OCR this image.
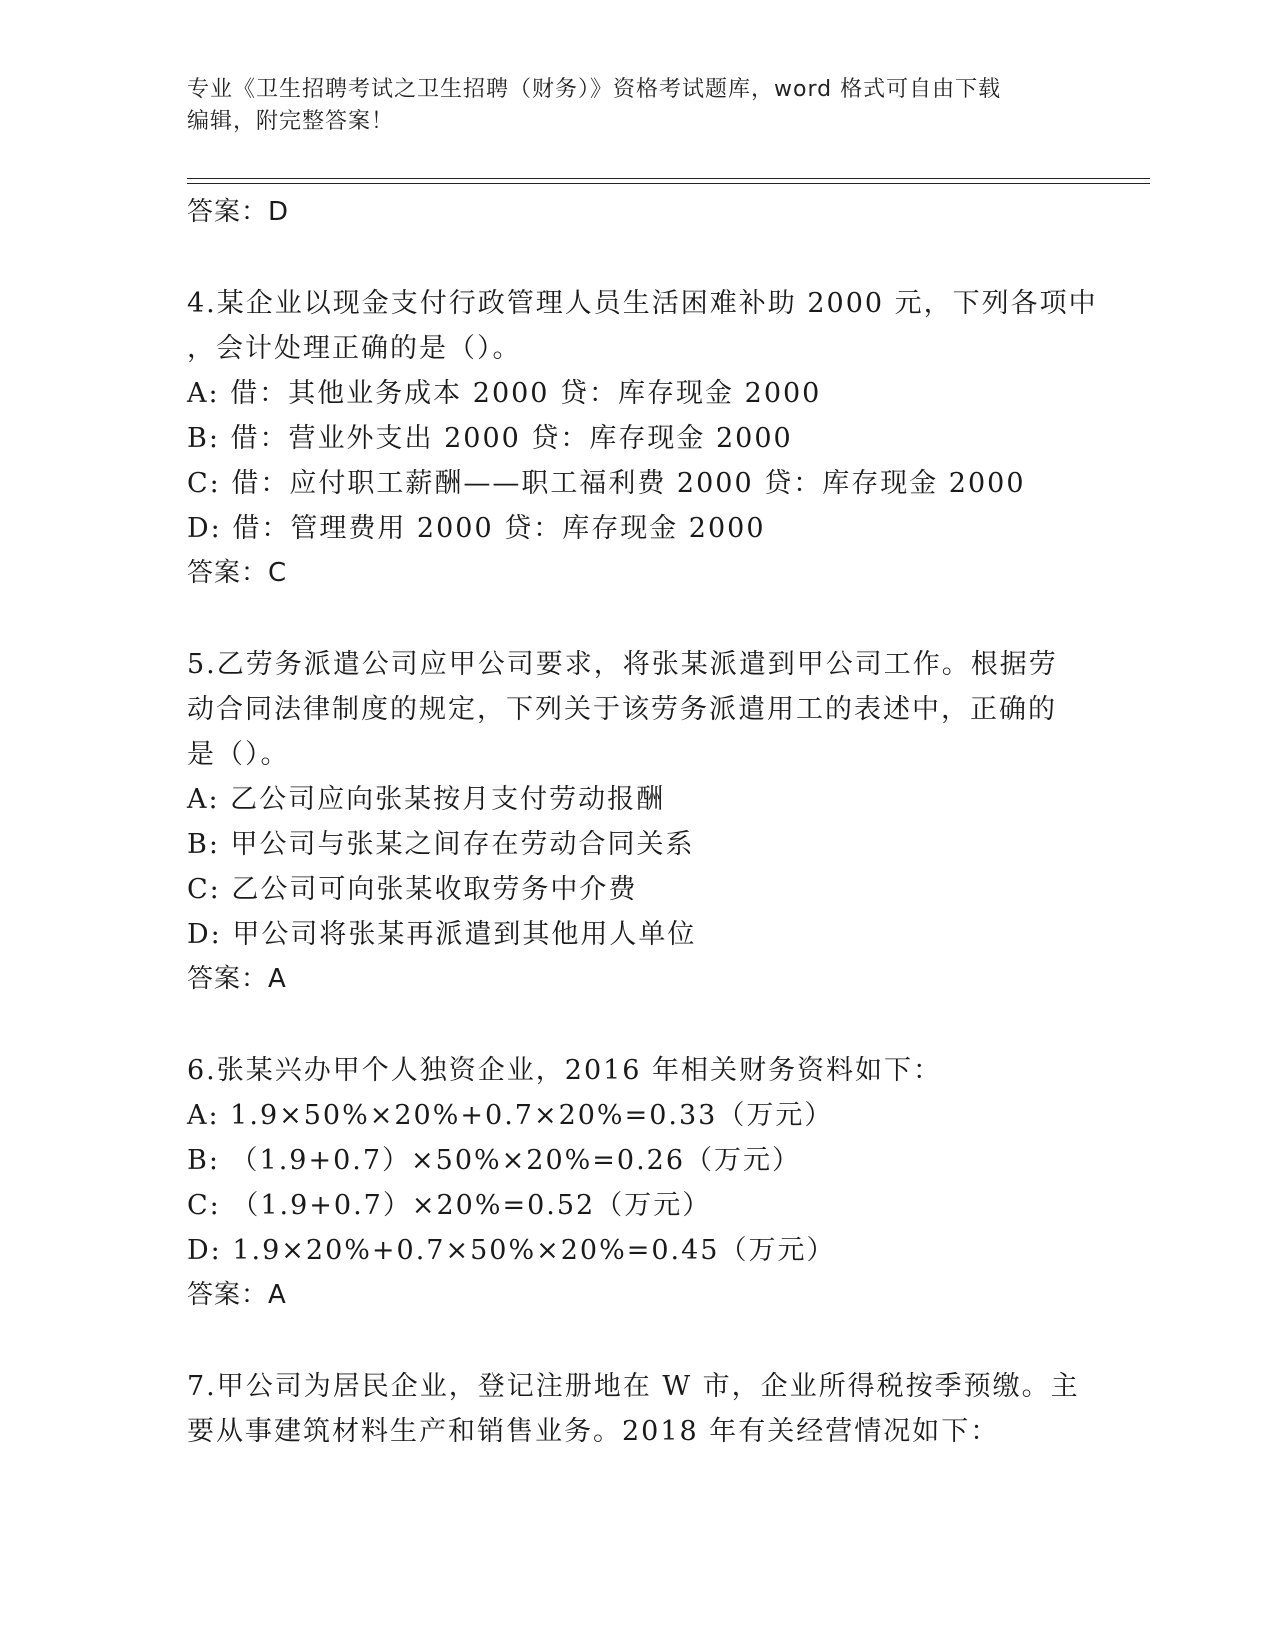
专业《卫生招聘考试之卫生招聘（财务）》资格考试题库，word 格式可自由下载
编辑，附完整答案！
答案：D
4.某企业以现金支付行政管理人员生活困难补助 2000 元，下列各项中
，会计处理正确的是（）。
A: 借：其他业务成本 2000 贷：库存现金 2000
B: 借：营业外支出 2000 贷：库存现金 2000
C: 借：应付职工薪酬——职工福利费 2000 贷：库存现金 2000
D: 借：管理费用 2000 贷：库存现金 2000
答案：C
5.乙劳务派遣公司应甲公司要求，将张某派遣到甲公司工作。根据劳
动合同法律制度的规定，下列关于该劳务派遣用工的表述中，正确的
是（）。
A: 乙公司应向张某按月支付劳动报酬
B: 甲公司与张某之间存在劳动合同关系
C: 乙公司可向张某收取劳务中介费
D: 甲公司将张某再派遣到其他用人单位
答案：A
6.张某兴办甲个人独资企业，2016 年相关财务资料如下：
A: 1.9×50%×20%+0.7×20%=0.33（万元）
B: （1.9+0.7）×50%×20%=0.26（万元）
C: （1.9+0.7）×20%=0.52（万元）
D: 1.9×20%+0.7×50%×20%=0.45（万元）
答案：A
7.甲公司为居民企业，登记注册地在 W 市，企业所得税按季预缴。主
要从事建筑材料生产和销售业务。2018 年有关经营情况如下：
